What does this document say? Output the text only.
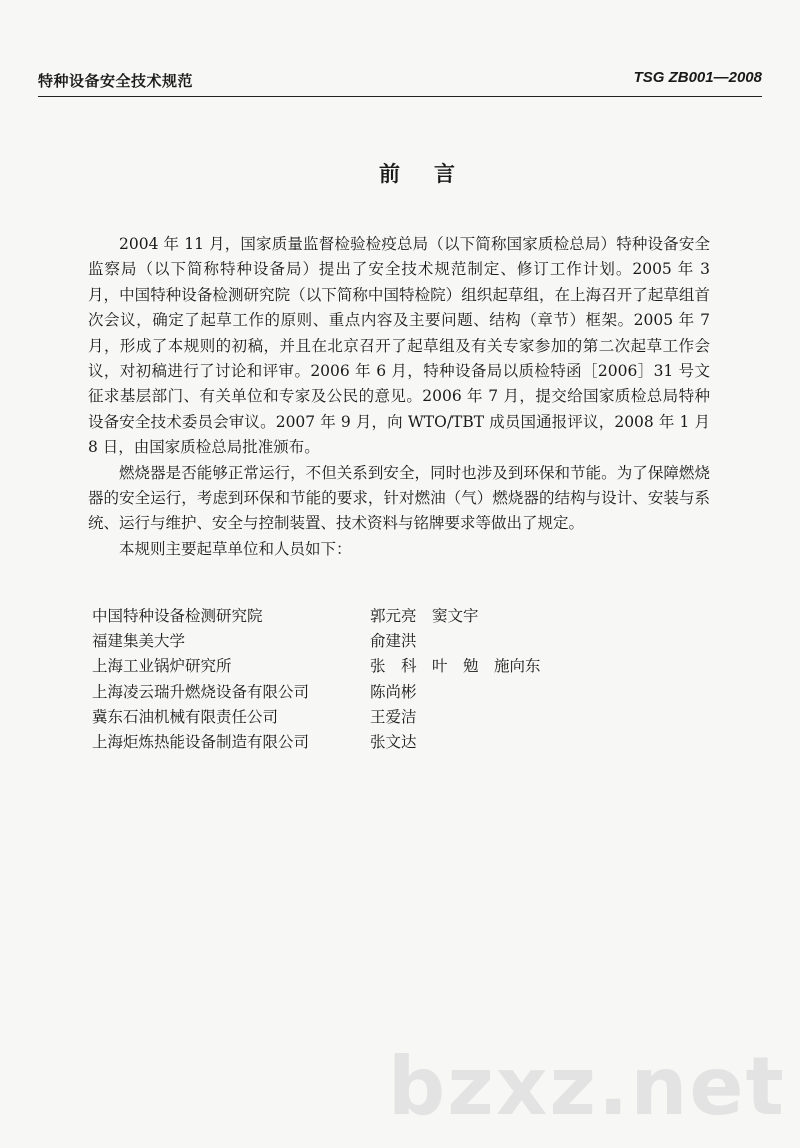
特种设备安全技术规范	TSG ZB001—2008
前言

2004 年 11 月，国家质量监督检验检疫总局（以下简称国家质检总局）特种设备安全监察局（以下简称特种设备局）提出了安全技术规范制定、修订工作计划。2005 年 3 月，中国特种设备检测研究院（以下简称中国特检院）组织起草组，在上海召开了起草组首次会议，确定了起草工作的原则、重点内容及主要问题、结构（章节）框架。2005 年 7 月，形成了本规则的初稿，并且在北京召开了起草组及有关专家参加的第二次起草工作会议，对初稿进行了讨论和评审。2006 年 6 月，特种设备局以质检特函［2006］31 号文征求基层部门、有关单位和专家及公民的意见。2006 年 7 月，提交给国家质检总局特种设备安全技术委员会审议。2007 年 9 月，向 WTO/TBT 成员国通报评议，2008 年 1 月 8 日，由国家质检总局批准颁布。

燃烧器是否能够正常运行，不但关系到安全，同时也涉及到环保和节能。为了保障燃烧器的安全运行，考虑到环保和节能的要求，针对燃油（气）燃烧器的结构与设计、安装与系统、运行与维护、安全与控制装置、技术资料与铭牌要求等做出了规定。

本规则主要起草单位和人员如下：

中国特种设备检测研究院	郭元亮　窦文宇
福建集美大学	俞建洪
上海工业锅炉研究所	张　科　叶　勉　施向东
上海凌云瑞升燃烧设备有限公司	陈尚彬
冀东石油机械有限责任公司	王爱洁
上海炬炼热能设备制造有限公司	张文达
bzxz.net
